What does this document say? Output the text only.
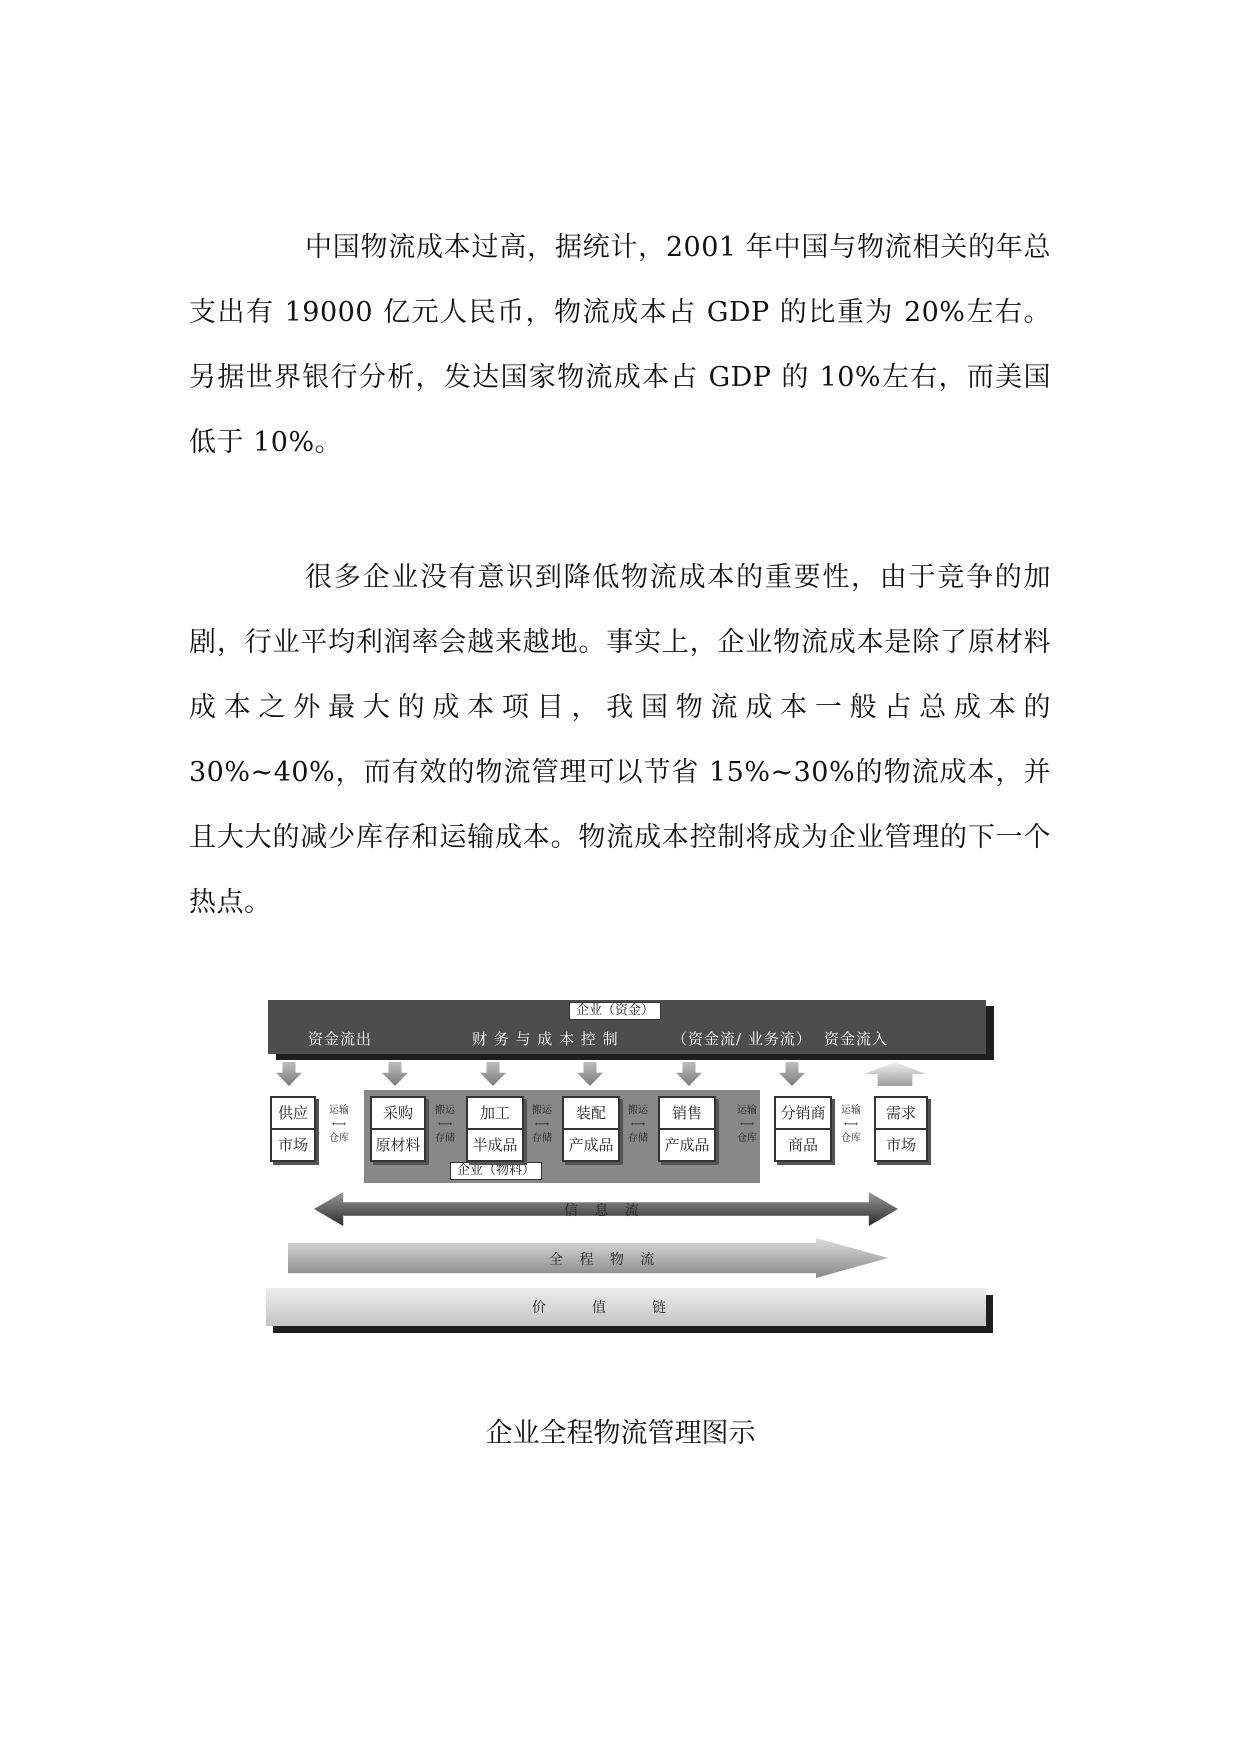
中国物流成本过高，据统计，2001 年中国与物流相关的年总支出有 19000 亿元人民币，物流成本占 GDP 的比重为 20%左右。另据世界银行分析，发达国家物流成本占 GDP 的 10%左右，而美国低于 10%。

很多企业没有意识到降低物流成本的重要性，由于竞争的加剧，行业平均利润率会越来越地。事实上，企业物流成本是除了原材料成本之外最大的成本项目，我国物流成本一般占总成本的 30%~40%，而有效的物流管理可以节省 15%~30%的物流成本，并且大大的减少库存和运输成本。物流成本控制将成为企业管理的下一个热点。

企业（资金）
资金流出	财 务 与 成 本 控 制	（资金流/ 业务流） 资金流入
企业（物料）
供应
市场
采购
原材料
加工
半成品
装配
产成品
销售
产成品
分销商
商品
需求
市场
运输
⟷
仓库
搬运
⟷
存储
搬运
⟷
存储
搬运
⟷
存储
运输
⟷
仓库
运输
⟷
仓库
信 息 流
全 程 物 流
价　　值　　链
企业全程物流管理图示
